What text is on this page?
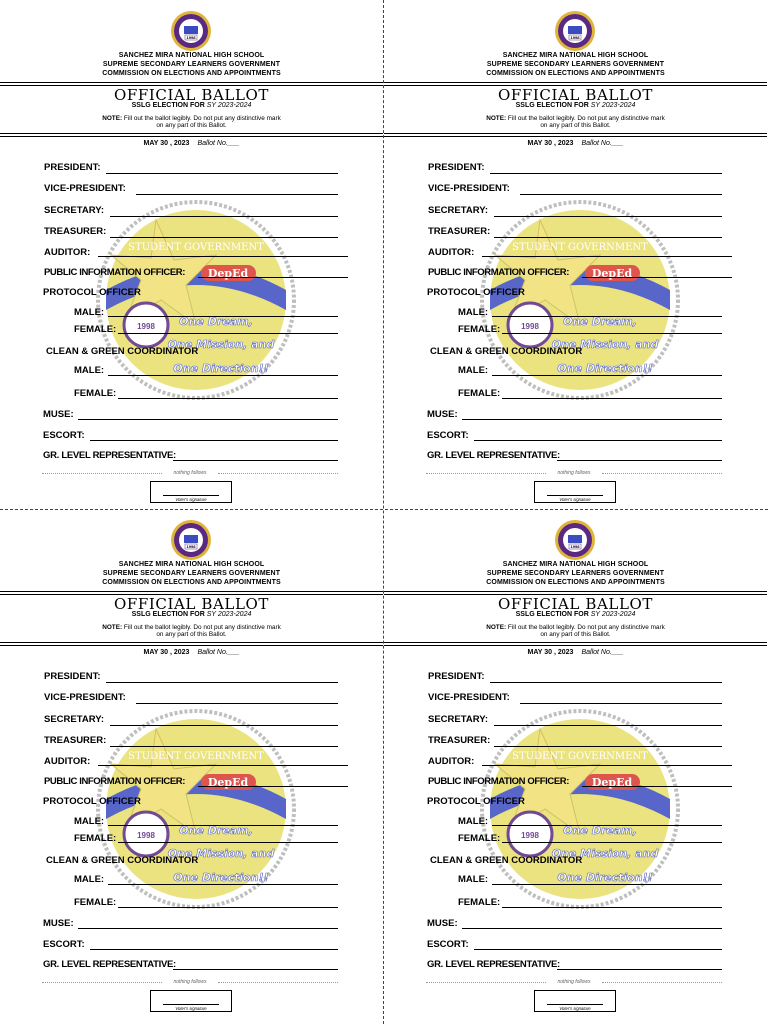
1998
SANCHEZ MIRA NATIONAL HIGH SCHOOL
SUPREME SECONDARY LEARNERS GOVERNMENT
COMMISSION ON ELECTIONS AND APPOINTMENTS
OFFICIAL BALLOT
SSLG ELECTION FOR SY 2023-2024
NOTE: Fill out the ballot legibly. Do not put any distinctive mark on any part of this Ballot.
MAY 30 , 2023 Ballot No.___
DepEd
STUDENT GOVERNMENT
1998 One Dream,
One Mission, and
One Direction!!
PRESIDENT:
VICE-PRESIDENT:
SECRETARY:
TREASURER:
AUDITOR:
PUBLIC INFORMATION OFFICER:
PROTOCOL OFFICER
MALE:
FEMALE:
CLEAN & GREEN COORDINATOR
MALE:
FEMALE:
MUSE:
ESCORT:
GR. LEVEL REPRESENTATIVE:
nothing follows
Voter's signature
1998
SANCHEZ MIRA NATIONAL HIGH SCHOOL
SUPREME SECONDARY LEARNERS GOVERNMENT
COMMISSION ON ELECTIONS AND APPOINTMENTS
OFFICIAL BALLOT
SSLG ELECTION FOR SY 2023-2024
NOTE: Fill out the ballot legibly. Do not put any distinctive mark on any part of this Ballot.
MAY 30 , 2023 Ballot No.___
DepEd
STUDENT GOVERNMENT
1998 One Dream,
One Mission, and
One Direction!!
PRESIDENT:
VICE-PRESIDENT:
SECRETARY:
TREASURER:
AUDITOR:
PUBLIC INFORMATION OFFICER:
PROTOCOL OFFICER
MALE:
FEMALE:
CLEAN & GREEN COORDINATOR
MALE:
FEMALE:
MUSE:
ESCORT:
GR. LEVEL REPRESENTATIVE:
nothing follows
Voter's signature
1998
SANCHEZ MIRA NATIONAL HIGH SCHOOL
SUPREME SECONDARY LEARNERS GOVERNMENT
COMMISSION ON ELECTIONS AND APPOINTMENTS
OFFICIAL BALLOT
SSLG ELECTION FOR SY 2023-2024
NOTE: Fill out the ballot legibly. Do not put any distinctive mark on any part of this Ballot.
MAY 30 , 2023 Ballot No.___
DepEd
STUDENT GOVERNMENT
1998 One Dream,
One Mission, and
One Direction!!
PRESIDENT:
VICE-PRESIDENT:
SECRETARY:
TREASURER:
AUDITOR:
PUBLIC INFORMATION OFFICER:
PROTOCOL OFFICER
MALE:
FEMALE:
CLEAN & GREEN COORDINATOR
MALE:
FEMALE:
MUSE:
ESCORT:
GR. LEVEL REPRESENTATIVE:
nothing follows
Voter's signature
1998
SANCHEZ MIRA NATIONAL HIGH SCHOOL
SUPREME SECONDARY LEARNERS GOVERNMENT
COMMISSION ON ELECTIONS AND APPOINTMENTS
OFFICIAL BALLOT
SSLG ELECTION FOR SY 2023-2024
NOTE: Fill out the ballot legibly. Do not put any distinctive mark on any part of this Ballot.
MAY 30 , 2023 Ballot No.___
DepEd
STUDENT GOVERNMENT
1998 One Dream,
One Mission, and
One Direction!!
PRESIDENT:
VICE-PRESIDENT:
SECRETARY:
TREASURER:
AUDITOR:
PUBLIC INFORMATION OFFICER:
PROTOCOL OFFICER
MALE:
FEMALE:
CLEAN & GREEN COORDINATOR
MALE:
FEMALE:
MUSE:
ESCORT:
GR. LEVEL REPRESENTATIVE:
nothing follows
Voter's signature
